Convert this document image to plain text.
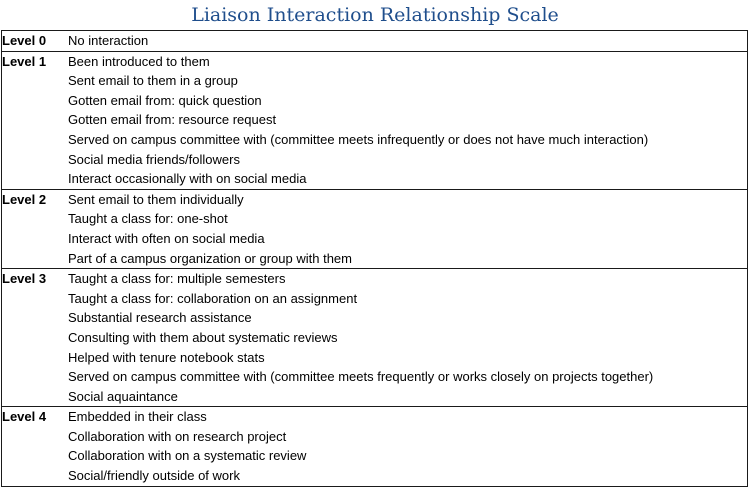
Liaison Interaction Relationship Scale
Level 0	No interaction
Level 1	Been introduced to them
	Sent email to them in a group
	Gotten email from: quick question
	Gotten email from: resource request
	Served on campus committee with (committee meets infrequently or does not have much interaction)
	Social media friends/followers
	Interact occasionally with on social media
Level 2	Sent email to them individually
	Taught a class for: one-shot
	Interact with often on social media
	Part of a campus organization or group with them
Level 3	Taught a class for: multiple semesters
	Taught a class for: collaboration on an assignment
	Substantial research assistance
	Consulting with them about systematic reviews
	Helped with tenure notebook stats
	Served on campus committee with (committee meets frequently or works closely on projects together)
	Social aquaintance
Level 4	Embedded in their class
	Collaboration with on research project
	Collaboration with on a systematic review
	Social/friendly outside of work
